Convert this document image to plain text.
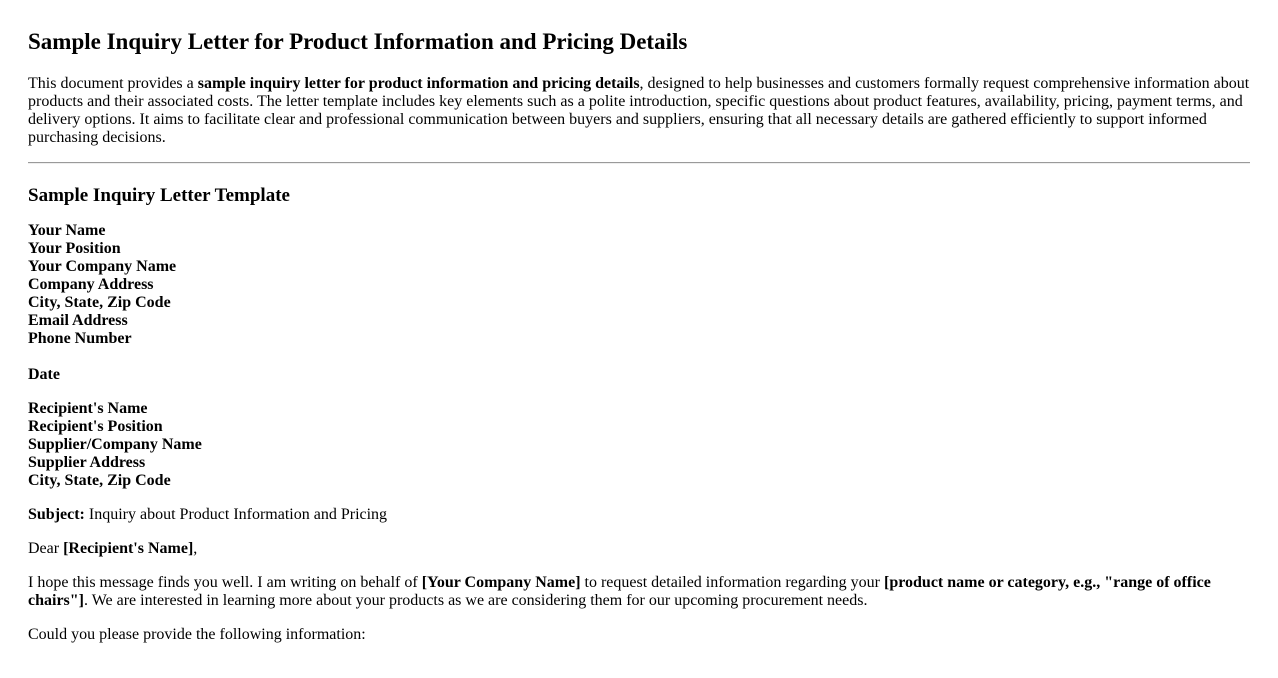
Sample Inquiry Letter for Product Information and Pricing Details

This document provides a sample inquiry letter for product information and pricing details, designed to help businesses and customers formally request comprehensive information about products and their associated costs. The letter template includes key elements such as a polite introduction, specific questions about product features, availability, pricing, payment terms, and delivery options. It aims to facilitate clear and professional communication between buyers and suppliers, ensuring that all necessary details are gathered efficiently to support informed purchasing decisions.

Sample Inquiry Letter Template
Your Name
Your Position
Your Company Name
Company Address
City, State, Zip Code
Email Address
Phone Number
Date
Recipient's Name
Recipient's Position
Supplier/Company Name
Supplier Address
City, State, Zip Code

Subject: Inquiry about Product Information and Pricing

Dear [Recipient's Name],

I hope this message finds you well. I am writing on behalf of [Your Company Name] to request detailed information regarding your [product name or category, e.g., "range of office chairs"]. We are interested in learning more about your products as we are considering them for our upcoming procurement needs.

Could you please provide the following information:
